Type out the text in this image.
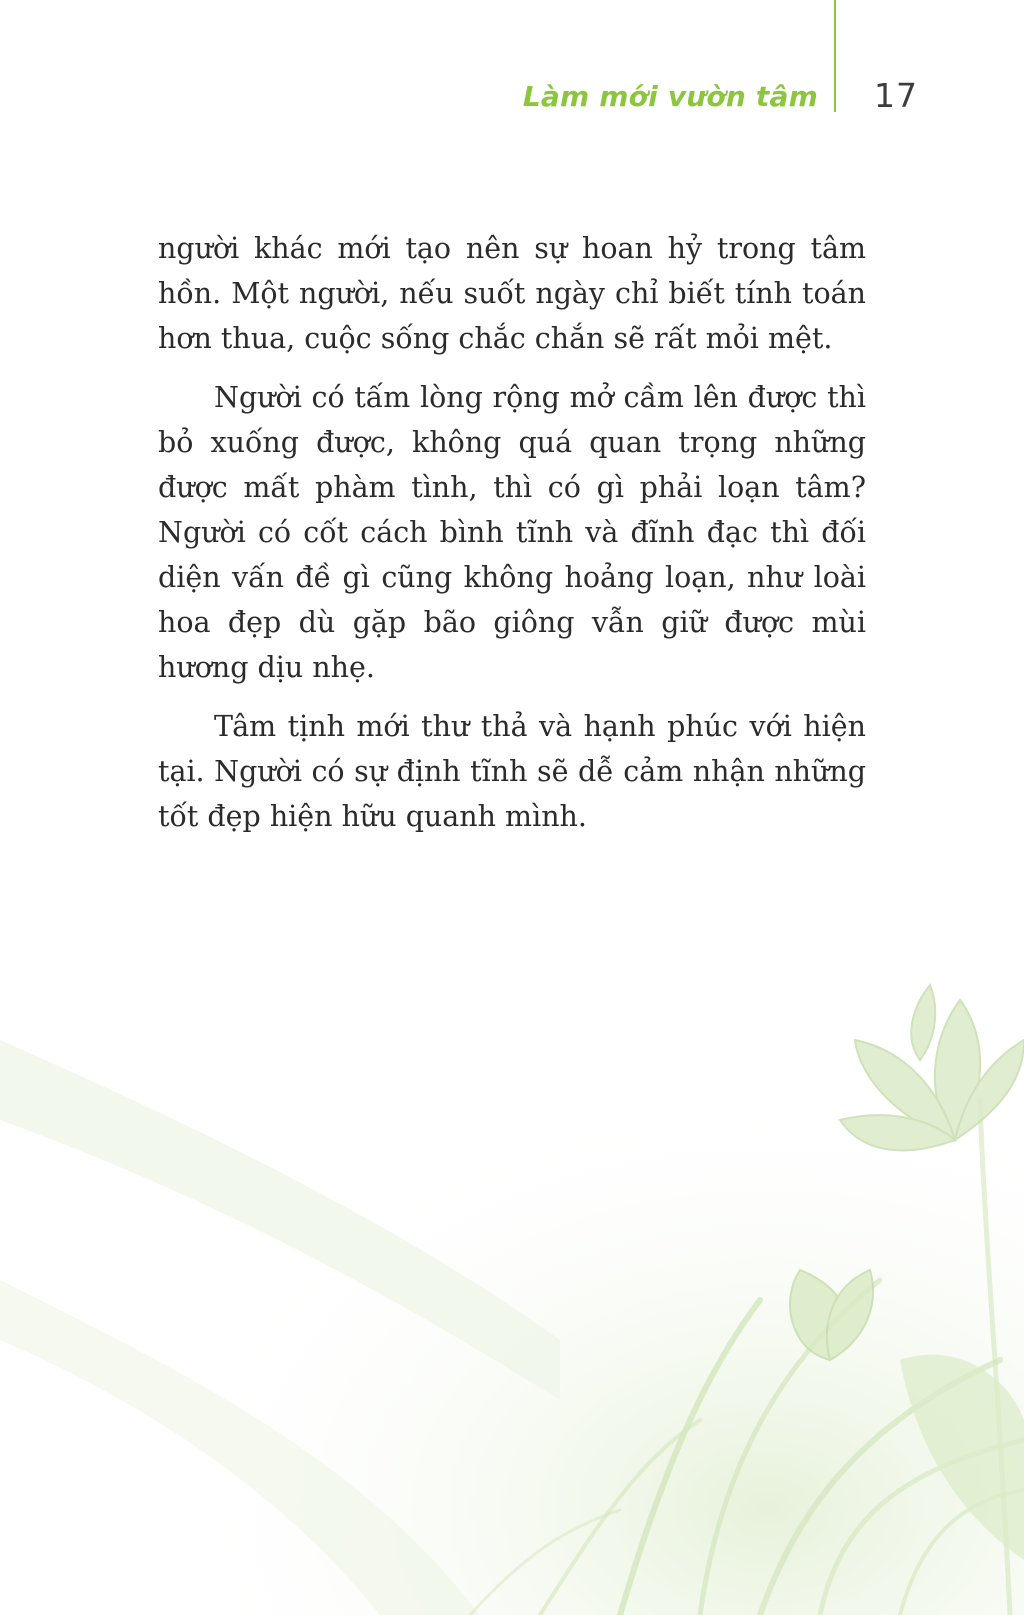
Làm mới vườn tâm 17

người khác mới tạo nên sự hoan hỷ trong tâm hồn. Một người, nếu suốt ngày chỉ biết tính toán hơn thua, cuộc sống chắc chắn sẽ rất mỏi mệt.

Người có tấm lòng rộng mở cầm lên được thì bỏ xuống được, không quá quan trọng những được mất phàm tình, thì có gì phải loạn tâm? Người có cốt cách bình tĩnh và đĩnh đạc thì đối diện vấn đề gì cũng không hoảng loạn, như loài hoa đẹp dù gặp bão giông vẫn giữ được mùi hương dịu nhẹ.

Tâm tịnh mới thư thả và hạnh phúc với hiện tại. Người có sự định tĩnh sẽ dễ cảm nhận những tốt đẹp hiện hữu quanh mình.
